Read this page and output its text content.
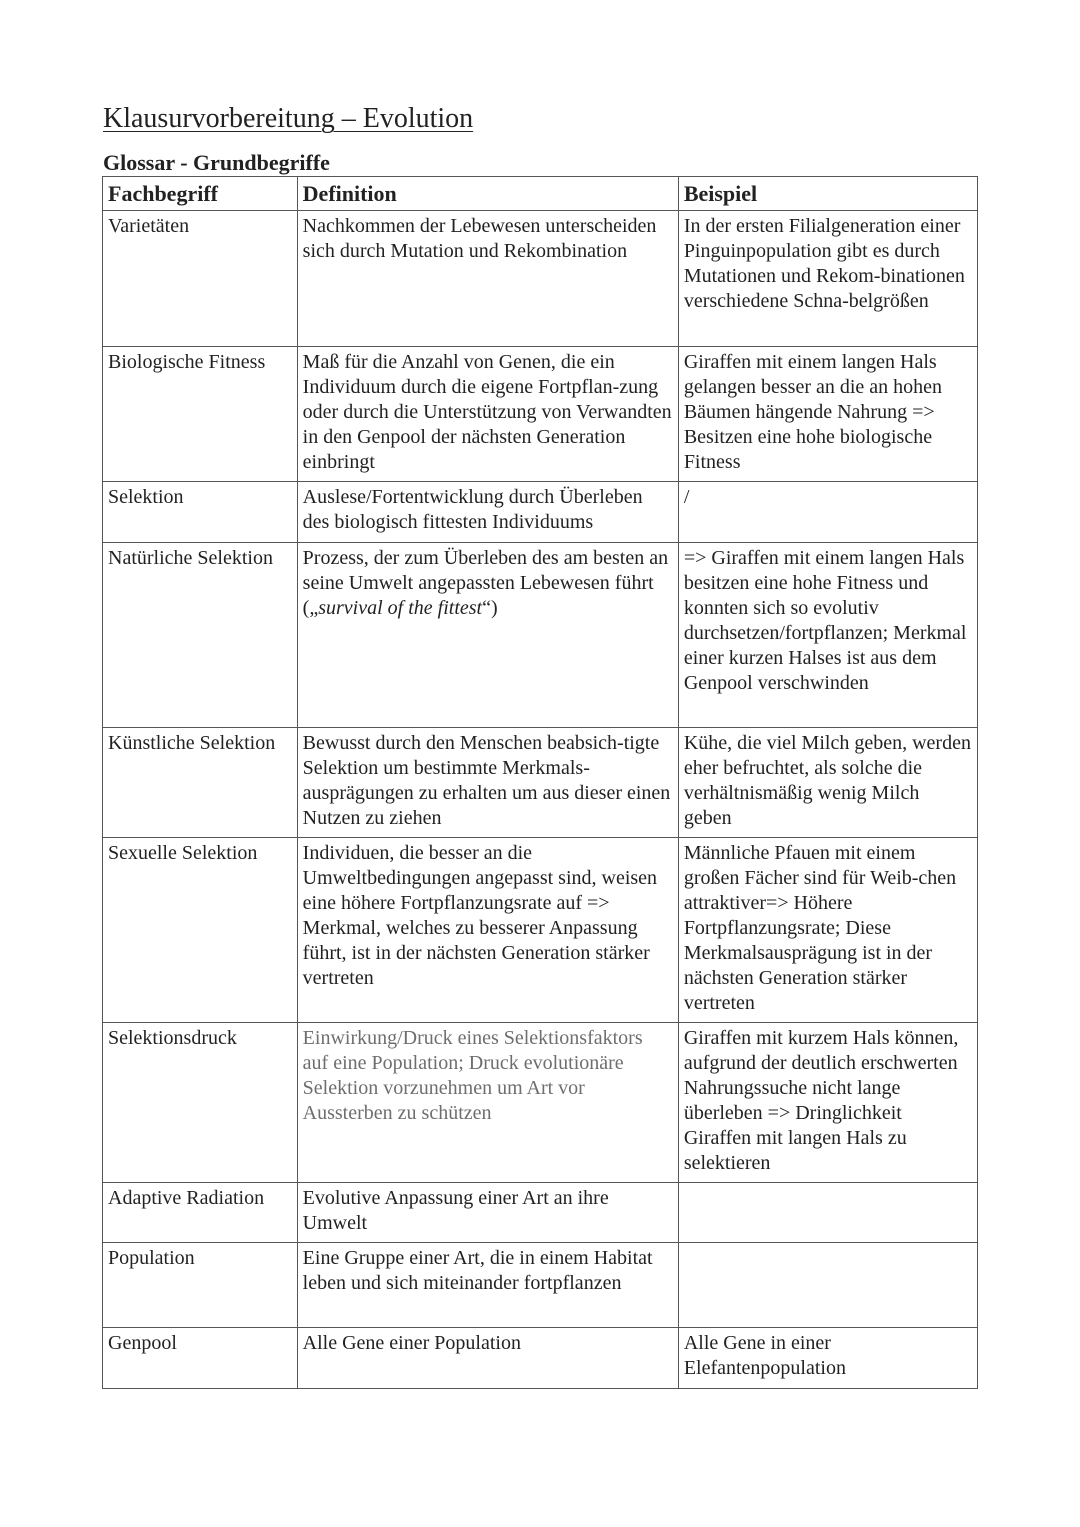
Klausurvorbereitung – Evolution
Glossar - Grundbegriffe
Fachbegriff	Definition	Beispiel
Varietäten	Nachkommen der Lebewesen unterscheiden sich durch Mutation und Rekombination	In der ersten Filialgeneration einer Pinguinpopulation gibt es durch Mutationen und Rekom-binationen verschiedene Schna-belgrößen
Biologische Fitness	Maß für die Anzahl von Genen, die ein Individuum durch die eigene Fortpflan-zung oder durch die Unterstützung von Verwandten in den Genpool der nächsten Generation einbringt	Giraffen mit einem langen Hals gelangen besser an die an hohen Bäumen hängende Nahrung => Besitzen eine hohe biologische Fitness
Selektion	Auslese/Fortentwicklung durch Überleben des biologisch fittesten Individuums	/
Natürliche Selektion	Prozess, der zum Überleben des am besten an seine Umwelt angepassten Lebewesen führt („survival of the fittest“)	=> Giraffen mit einem langen Hals besitzen eine hohe Fitness und konnten sich so evolutiv durchsetzen/fortpflanzen; Merkmal einer kurzen Halses ist aus dem Genpool verschwinden
Künstliche Selektion	Bewusst durch den Menschen beabsich-tigte Selektion um bestimmte Merkmals-ausprägungen zu erhalten um aus dieser einen Nutzen zu ziehen	Kühe, die viel Milch geben, werden eher befruchtet, als solche die verhältnismäßig wenig Milch geben
Sexuelle Selektion	Individuen, die besser an die Umweltbedingungen angepasst sind, weisen eine höhere Fortpflanzungsrate auf => Merkmal, welches zu besserer Anpassung führt, ist in der nächsten Generation stärker vertreten	Männliche Pfauen mit einem großen Fächer sind für Weib-chen attraktiver=> Höhere Fortpflanzungsrate; Diese Merkmalsausprägung ist in der nächsten Generation stärker vertreten
Selektionsdruck	Einwirkung/Druck eines Selektionsfaktors auf eine Population; Druck evolutionäre Selektion vorzunehmen um Art vor Aussterben zu schützen	Giraffen mit kurzem Hals können, aufgrund der deutlich erschwerten Nahrungssuche nicht lange überleben => Dringlichkeit Giraffen mit langen Hals zu selektieren
Adaptive Radiation	Evolutive Anpassung einer Art an ihre Umwelt	
Population	Eine Gruppe einer Art, die in einem Habitat leben und sich miteinander fortpflanzen	
Genpool	Alle Gene einer Population	Alle Gene in einer Elefantenpopulation
